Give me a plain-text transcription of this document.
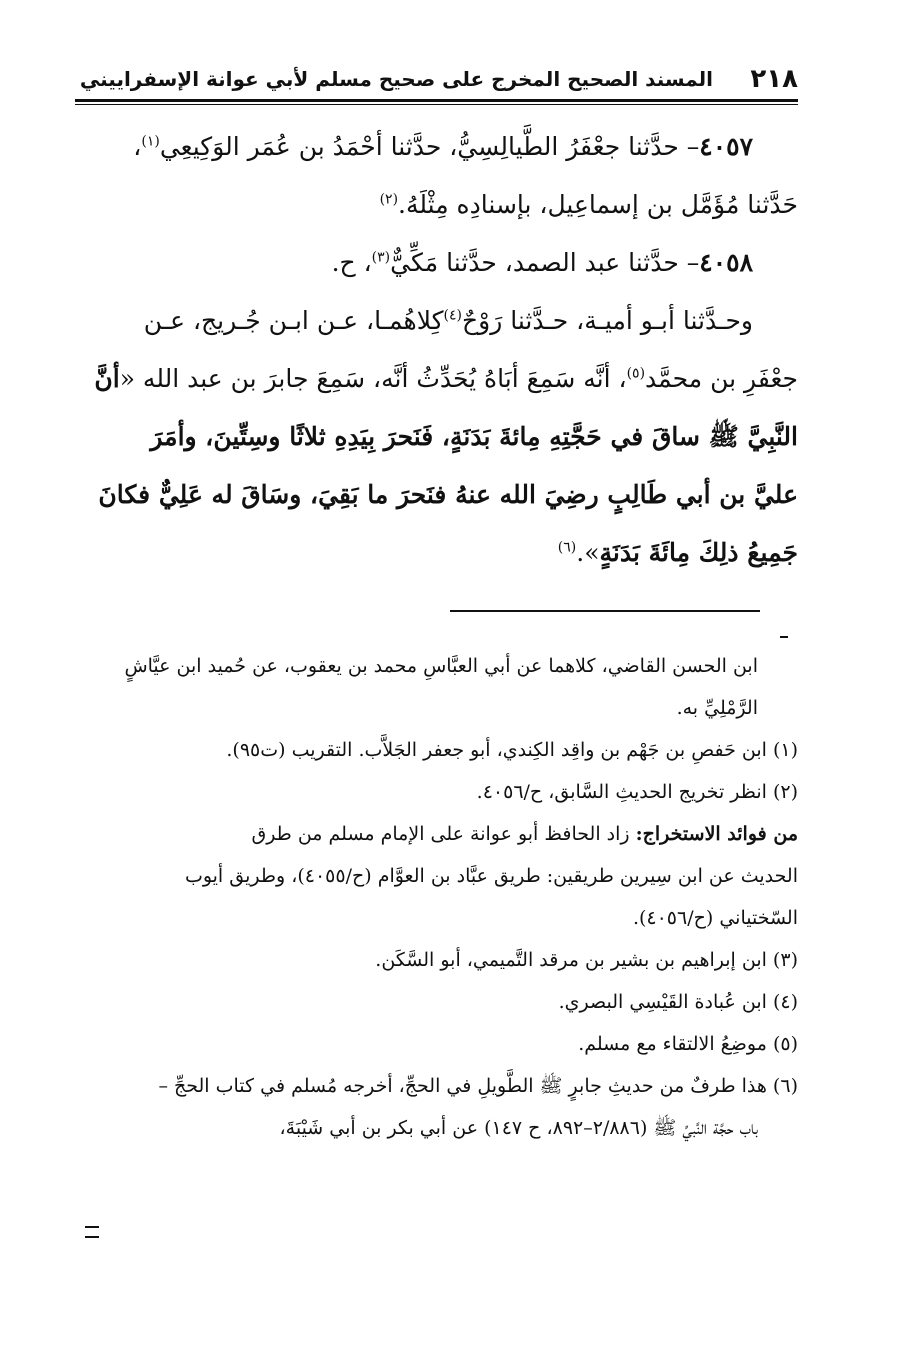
٢١٨
المسند الصحيح المخرج على صحيح مسلم لأبي عوانة الإسفراييني
٤٠٥٧– حدَّثنا جعْفَرُ الطَّيالِسِيُّ، حدَّثنا أحْمَدُ بن عُمَر الوَكِيعِي$^{(١)}$،
حَدَّثنا مُؤَمَّل بن إسماعِيل، بإسنادِه مِثْلَهُ.$^{(٢)}$
٤٠٥٨– حدَّثنا عبد الصمد، حدَّثنا مَكِّيٌّ$^{(٣)}$، ح.
وحـدَّثنا أبـو أميـة، حـدَّثنا رَوْحٌ$^{(٤)}$كِلاهُمـا، عـن ابـن جُـريج، عـن
جعْفَرِ بن محمَّد$^{(٥)}$، أنَّه سَمِعَ أبَاهُ يُحَدِّثُ أنَّه، سَمِعَ جابرَ بن عبد الله «أنَّ
النَّبِيَّ ﷺ ساقَ في حَجَّتِهِ مِائةَ بَدَنَةٍ، فَنَحرَ بِيَدِهِ ثلاثًا وسِتِّينَ، وأمَرَ
عليَّ بن أبي طَالِبٍ رضِيَ الله عنهُ فنَحرَ ما بَقِيَ، وسَاقَ له عَلِيٌّ فكانَ
جَمِيعُ ذلِكَ مِائَةَ بَدَنَةٍ».$^{(٦)}$
ابن الحسن القاضي، كلاهما عن أبي العبَّاسِ محمد بن يعقوب، عن حُميد ابن عيَّاشٍ
الرَّمْلِيِّ به.
(١) ابن حَفصِ بن جَهْم بن واقِد الكِندي، أبو جعفر الجَلاَّب. التقريب (ت٩٥).
(٢) انظر تخريج الحديثِ السَّابق، ح/٤٠٥٦.
من فوائد الاستخراج: زاد الحافظ أبو عوانة على الإمام مسلم من طرق
الحديث عن ابن سِيرين طريقين: طريق عبَّاد بن العوَّام (ح/٤٠٥٥)، وطريق أيوب
السّختياني (ح/٤٠٥٦).
(٣) ابن إبراهيم بن بشير بن مرقد التَّميمي، أبو السَّكَن.
(٤) ابن عُبادة القَيْسِي البصري.
(٥) موضِعُ الالتقاء مع مسلم.
(٦) هذا طرفٌ من حديثِ جابرٍ ﷺ الطَّويلِ في الحجِّ، أخرجه مُسلم في كتاب الحجِّ –
باب حجَّة النَّبيِّ ﷺ (٢/٨٨٦–٨٩٢، ح ١٤٧) عن أبي بكر بن أبي شَيْبَةَ،
